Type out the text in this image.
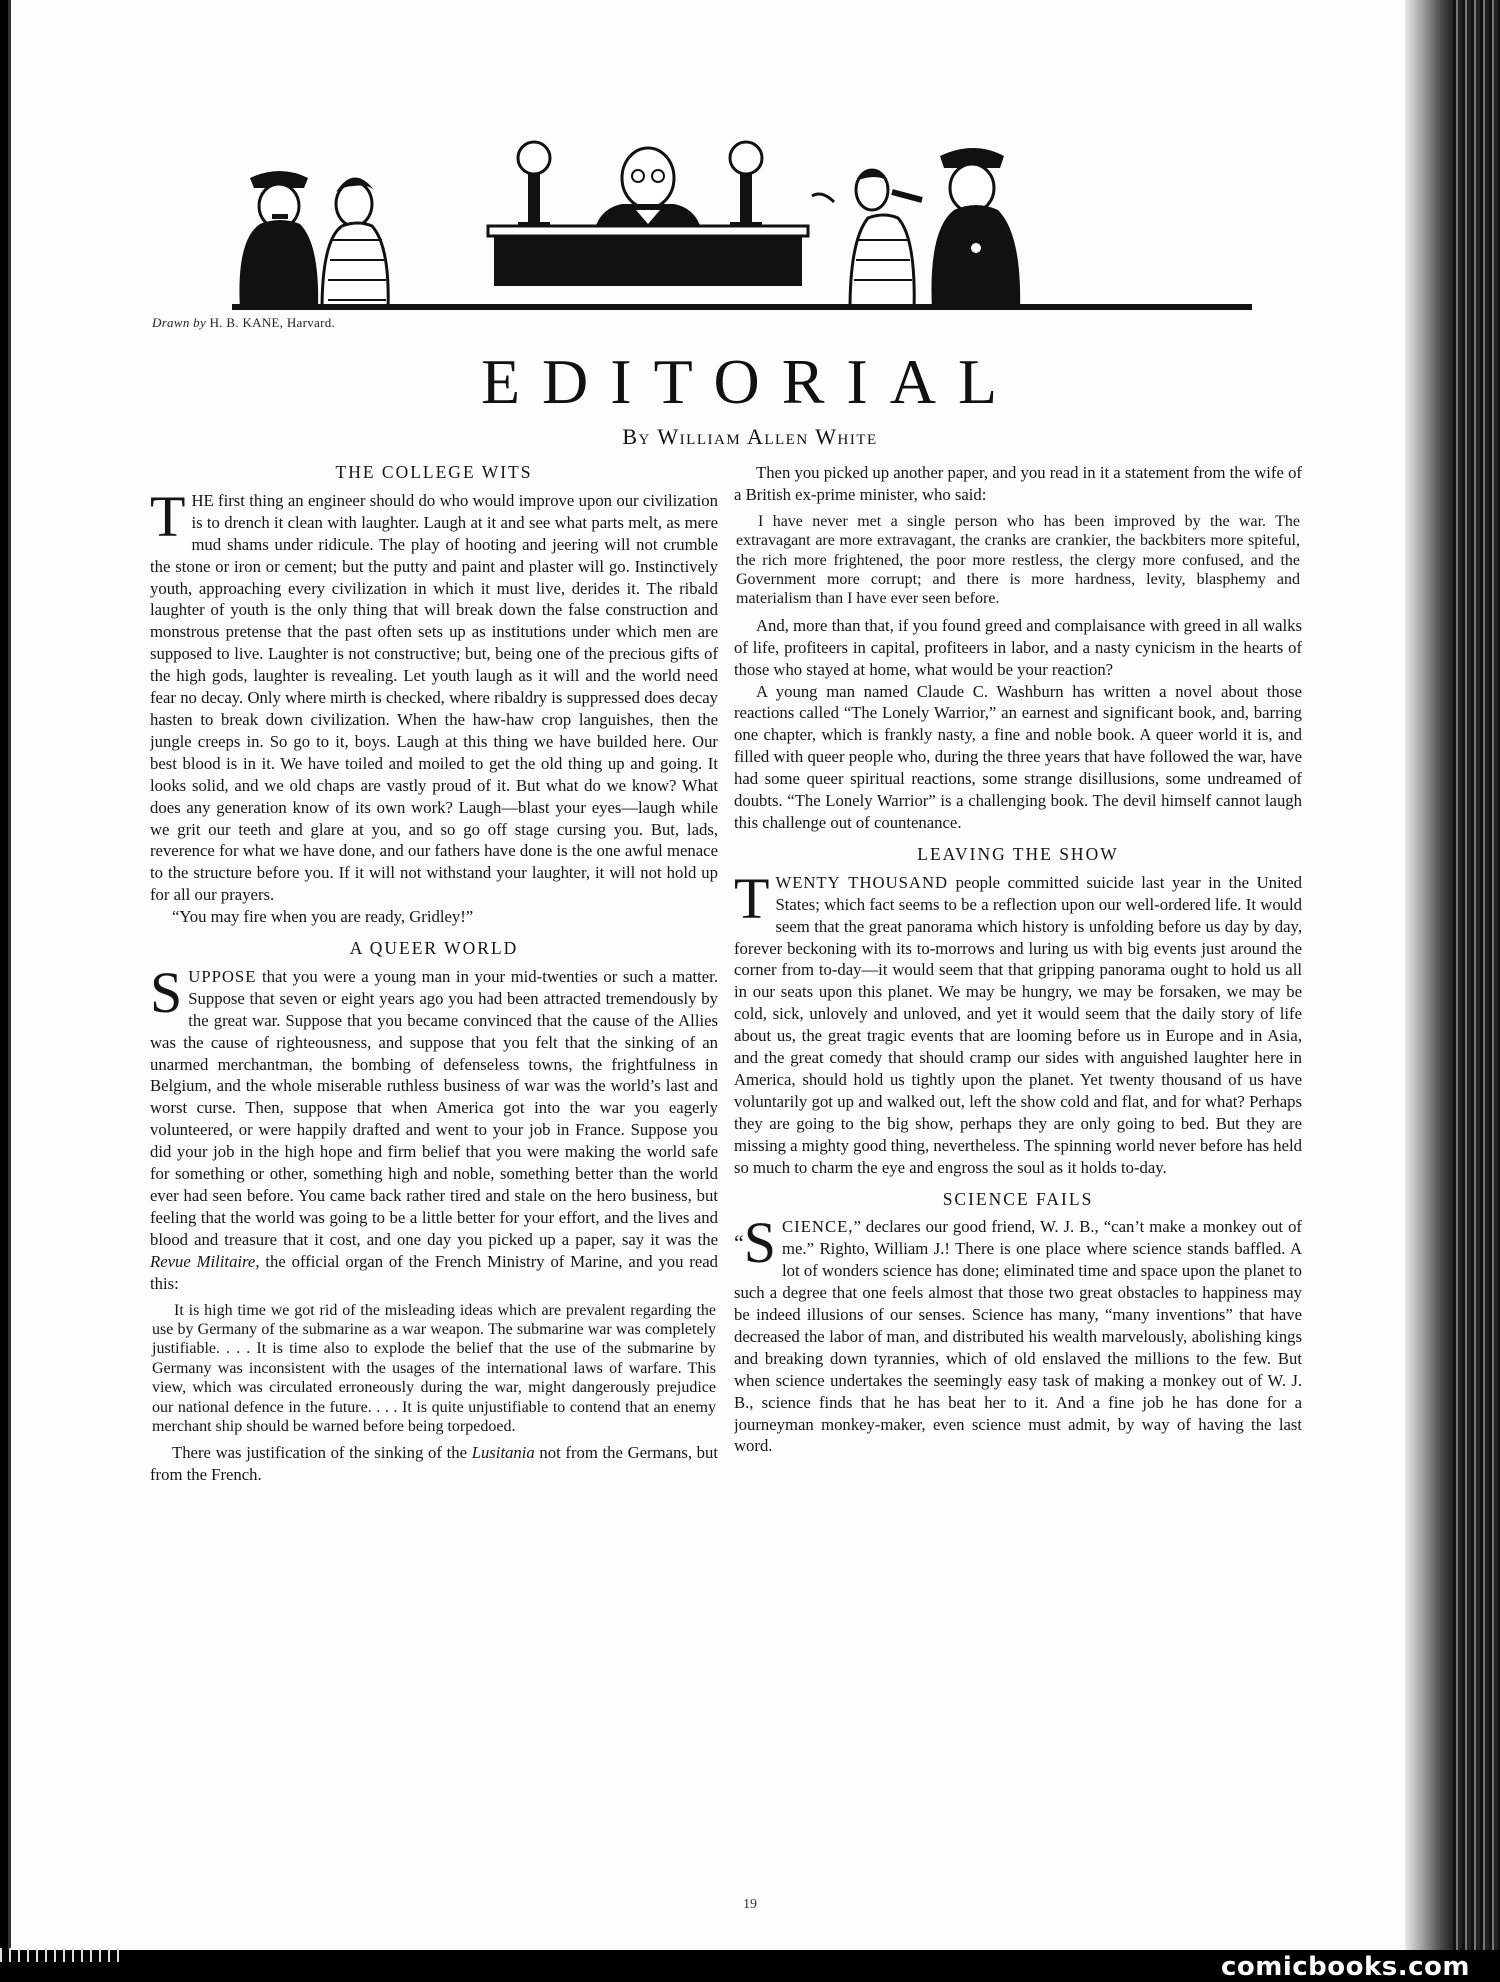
Drawn by H. B. KANE, Harvard.
EDITORIAL
By William Allen White
THE COLLEGE WITS

THE first thing an engineer should do who would improve upon our civilization is to drench it clean with laughter. Laugh at it and see what parts melt, as mere mud shams under ridicule. The play of hooting and jeering will not crumble the stone or iron or cement; but the putty and paint and plaster will go. Instinctively youth, approaching every civilization in which it must live, derides it. The ribald laughter of youth is the only thing that will break down the false construction and monstrous pretense that the past often sets up as institutions under which men are supposed to live. Laughter is not constructive; but, being one of the precious gifts of the high gods, laughter is revealing. Let youth laugh as it will and the world need fear no decay. Only where mirth is checked, where ribaldry is suppressed does decay hasten to break down civilization. When the haw-haw crop languishes, then the jungle creeps in. So go to it, boys. Laugh at this thing we have builded here. Our best blood is in it. We have toiled and moiled to get the old thing up and going. It looks solid, and we old chaps are vastly proud of it. But what do we know? What does any generation know of its own work? Laugh—blast your eyes—laugh while we grit our teeth and glare at you, and so go off stage cursing you. But, lads, reverence for what we have done, and our fathers have done is the one awful menace to the structure before you. If it will not withstand your laughter, it will not hold up for all our prayers.

“You may fire when you are ready, Gridley!”

A QUEER WORLD

SUPPOSE that you were a young man in your mid-twenties or such a matter. Suppose that seven or eight years ago you had been attracted tremendously by the great war. Suppose that you became convinced that the cause of the Allies was the cause of righteousness, and suppose that you felt that the sinking of an unarmed merchantman, the bombing of defenseless towns, the frightfulness in Belgium, and the whole miserable ruthless business of war was the world’s last and worst curse. Then, suppose that when America got into the war you eagerly volunteered, or were happily drafted and went to your job in France. Suppose you did your job in the high hope and firm belief that you were making the world safe for something or other, something high and noble, something better than the world ever had seen before. You came back rather tired and stale on the hero business, but feeling that the world was going to be a little better for your effort, and the lives and blood and treasure that it cost, and one day you picked up a paper, say it was the Revue Militaire, the official organ of the French Ministry of Marine, and you read this:

It is high time we got rid of the misleading ideas which are prevalent regarding the use by Germany of the submarine as a war weapon. The submarine war was completely justifiable. . . . It is time also to explode the belief that the use of the submarine by Germany was inconsistent with the usages of the international laws of warfare. This view, which was circulated erroneously during the war, might dangerously prejudice our national defence in the future. . . . It is quite unjustifiable to contend that an enemy merchant ship should be warned before being torpedoed.

There was justification of the sinking of the Lusitania not from the Germans, but from the French.

Then you picked up another paper, and you read in it a statement from the wife of a British ex-prime minister, who said:

I have never met a single person who has been improved by the war. The extravagant are more extravagant, the cranks are crankier, the backbiters more spiteful, the rich more frightened, the poor more restless, the clergy more confused, and the Government more corrupt; and there is more hardness, levity, blasphemy and materialism than I have ever seen before.

And, more than that, if you found greed and complaisance with greed in all walks of life, profiteers in capital, profiteers in labor, and a nasty cynicism in the hearts of those who stayed at home, what would be your reaction?

A young man named Claude C. Washburn has written a novel about those reactions called “The Lonely Warrior,” an earnest and significant book, and, barring one chapter, which is frankly nasty, a fine and noble book. A queer world it is, and filled with queer people who, during the three years that have followed the war, have had some queer spiritual reactions, some strange disillusions, some undreamed of doubts. “The Lonely Warrior” is a challenging book. The devil himself cannot laugh this challenge out of countenance.

LEAVING THE SHOW

TWENTY THOUSAND people committed suicide last year in the United States; which fact seems to be a reflection upon our well-ordered life. It would seem that the great panorama which history is unfolding before us day by day, forever beckoning with its to-morrows and luring us with big events just around the corner from to-day—it would seem that that gripping panorama ought to hold us all in our seats upon this planet. We may be hungry, we may be forsaken, we may be cold, sick, unlovely and unloved, and yet it would seem that the daily story of life about us, the great tragic events that are looming before us in Europe and in Asia, and the great comedy that should cramp our sides with anguished laughter here in America, should hold us tightly upon the planet. Yet twenty thousand of us have voluntarily got up and walked out, left the show cold and flat, and for what? Perhaps they are going to the big show, perhaps they are only going to bed. But they are missing a mighty good thing, nevertheless. The spinning world never before has held so much to charm the eye and engross the soul as it holds to-day.

SCIENCE FAILS

“S CIENCE,” declares our good friend, W. J. B., “can’t make a monkey out of me.” Righto, William J.! There is one place where science stands baffled. A lot of wonders science has done; eliminated time and space upon the planet to such a degree that one feels almost that those two great obstacles to happiness may be indeed illusions of our senses. Science has many, “many inventions” that have decreased the labor of man, and distributed his wealth marvelously, abolishing kings and breaking down tyrannies, which of old enslaved the millions to the few. But when science undertakes the seemingly easy task of making a monkey out of W. J. B., science finds that he has beat her to it. And a fine job he has done for a journeyman monkey-maker, even science must admit, by way of having the last word.

19
comicbooks.com
